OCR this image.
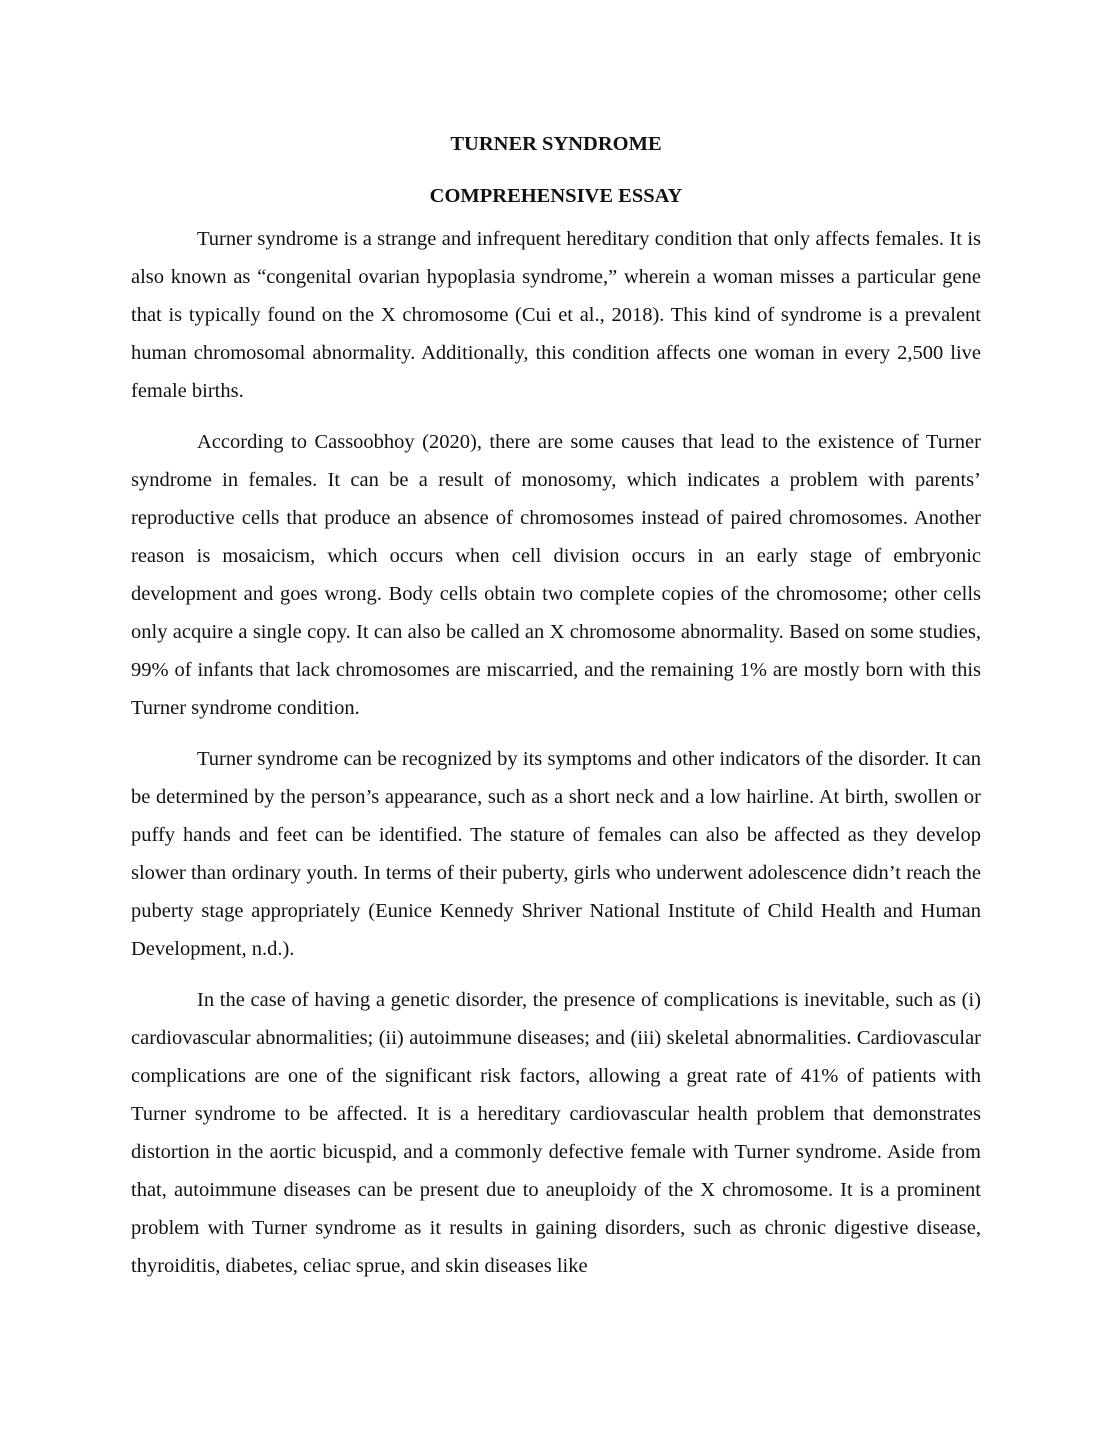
TURNER SYNDROME
COMPREHENSIVE ESSAY

Turner syndrome is a strange and infrequent hereditary condition that only affects females. It is also known as “congenital ovarian hypoplasia syndrome,” wherein a woman misses a particular gene that is typically found on the X chromosome (Cui et al., 2018). This kind of syndrome is a prevalent human chromosomal abnormality. Additionally, this condition affects one woman in every 2,500 live female births.

According to Cassoobhoy (2020), there are some causes that lead to the existence of Turner syndrome in females. It can be a result of monosomy, which indicates a problem with parents’ reproductive cells that produce an absence of chromosomes instead of paired chromosomes. Another reason is mosaicism, which occurs when cell division occurs in an early stage of embryonic development and goes wrong. Body cells obtain two complete copies of the chromosome; other cells only acquire a single copy. It can also be called an X chromosome abnormality. Based on some studies, 99% of infants that lack chromosomes are miscarried, and the remaining 1% are mostly born with this Turner syndrome condition.

Turner syndrome can be recognized by its symptoms and other indicators of the disorder. It can be determined by the person’s appearance, such as a short neck and a low hairline. At birth, swollen or puffy hands and feet can be identified. The stature of females can also be affected as they develop slower than ordinary youth. In terms of their puberty, girls who underwent adolescence didn’t reach the puberty stage appropriately (Eunice Kennedy Shriver National Institute of Child Health and Human Development, n.d.).

In the case of having a genetic disorder, the presence of complications is inevitable, such as (i) cardiovascular abnormalities; (ii) autoimmune diseases; and (iii) skeletal abnormalities. Cardiovascular complications are one of the significant risk factors, allowing a great rate of 41% of patients with Turner syndrome to be affected. It is a hereditary cardiovascular health problem that demonstrates distortion in the aortic bicuspid, and a commonly defective female with Turner syndrome. Aside from that, autoimmune diseases can be present due to aneuploidy of the X chromosome. It is a prominent problem with Turner syndrome as it results in gaining disorders, such as chronic digestive disease, thyroiditis, diabetes, celiac sprue, and skin diseases like
